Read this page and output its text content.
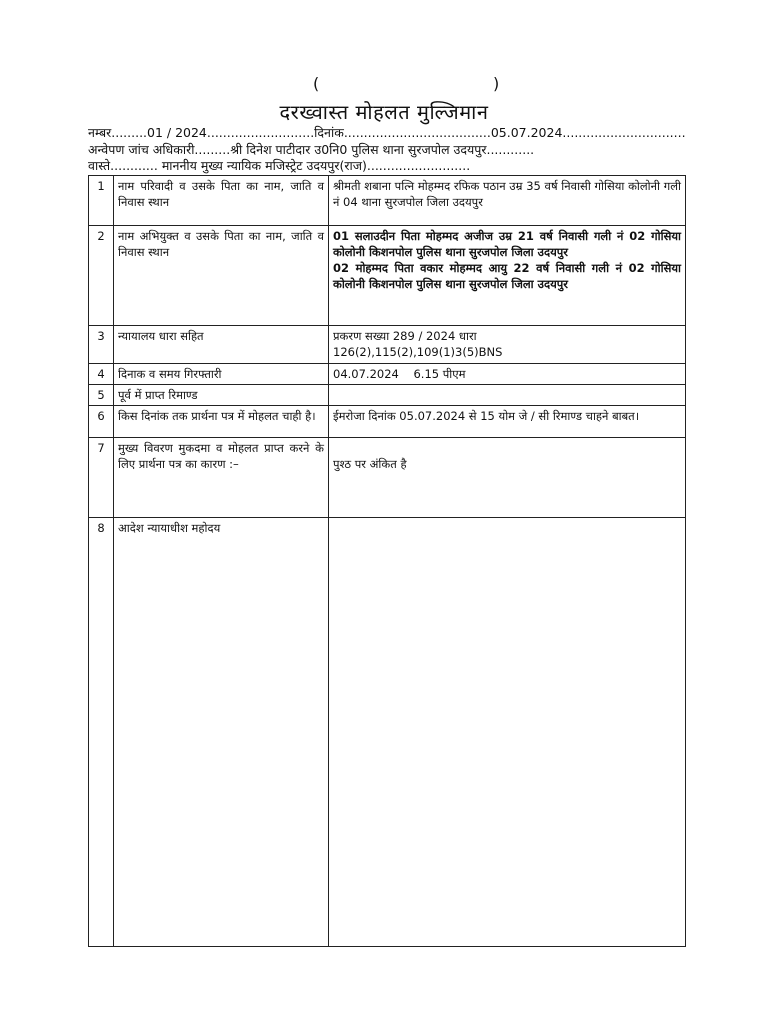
(	)
दरख्वास्त मोहलत मुल्जिमान
नम्बर.........01 / 2024...........................दिनांक.....................................05.07.2024...............................
अन्वेपण जांच अधिकारी.........श्री दिनेश पाटीदार उ0नि0 पुलिस थाना सुरजपोल उदयपुर............
वास्ते............ माननीय मुख्य न्यायिक मजिस्ट्रेट उदयपुर(राज)..........................
1	नाम परिवादी व उसके पिता का नाम, जाति व निवास स्थान	श्रीमती शबाना पत्नि मोहम्मद रफिक पठान उम्र 35 वर्ष निवासी गोसिया कोलोनी गली नं 04 थाना सुरजपोल जिला उदयपुर
2	नाम अभियुक्त व उसके पिता का नाम, जाति व निवास स्थान	01 सलाउदीन पिता मोहम्मद अजीज उम्र 21 वर्ष निवासी गली नं 02 गोसिया कोलोनी किशनपोल पुलिस थाना सुरजपोल जिला उदयपुर
02 मोहम्मद पिता वकार मोहम्मद आयु 22 वर्ष निवासी गली नं 02 गोसिया कोलोनी किशनपोल पुलिस थाना सुरजपोल जिला उदयपुर

3	न्यायालय धारा सहित	प्रकरण सख्या 289 / 2024 धारा
126(2),115(2),109(1)3(5)BNS

4	दिनाक व समय गिरफ्तारी	04.07.2024    6.15 पीएम
5	पूर्व में प्राप्त रिमाण्ड	
6	किस दिनांक तक प्रार्थना पत्र में मोहलत चाही है।	ईमरोजा दिनांक 05.07.2024 से 15 योम जे / सी रिमाण्ड चाहने बाबत।
7	मुख्य विवरण मुकदमा व मोहलत प्राप्त करने के लिए प्रार्थना पत्र का कारण :–	पुश्ठ पर अंकित है
8	आदेश न्यायाधीश महोदय	
